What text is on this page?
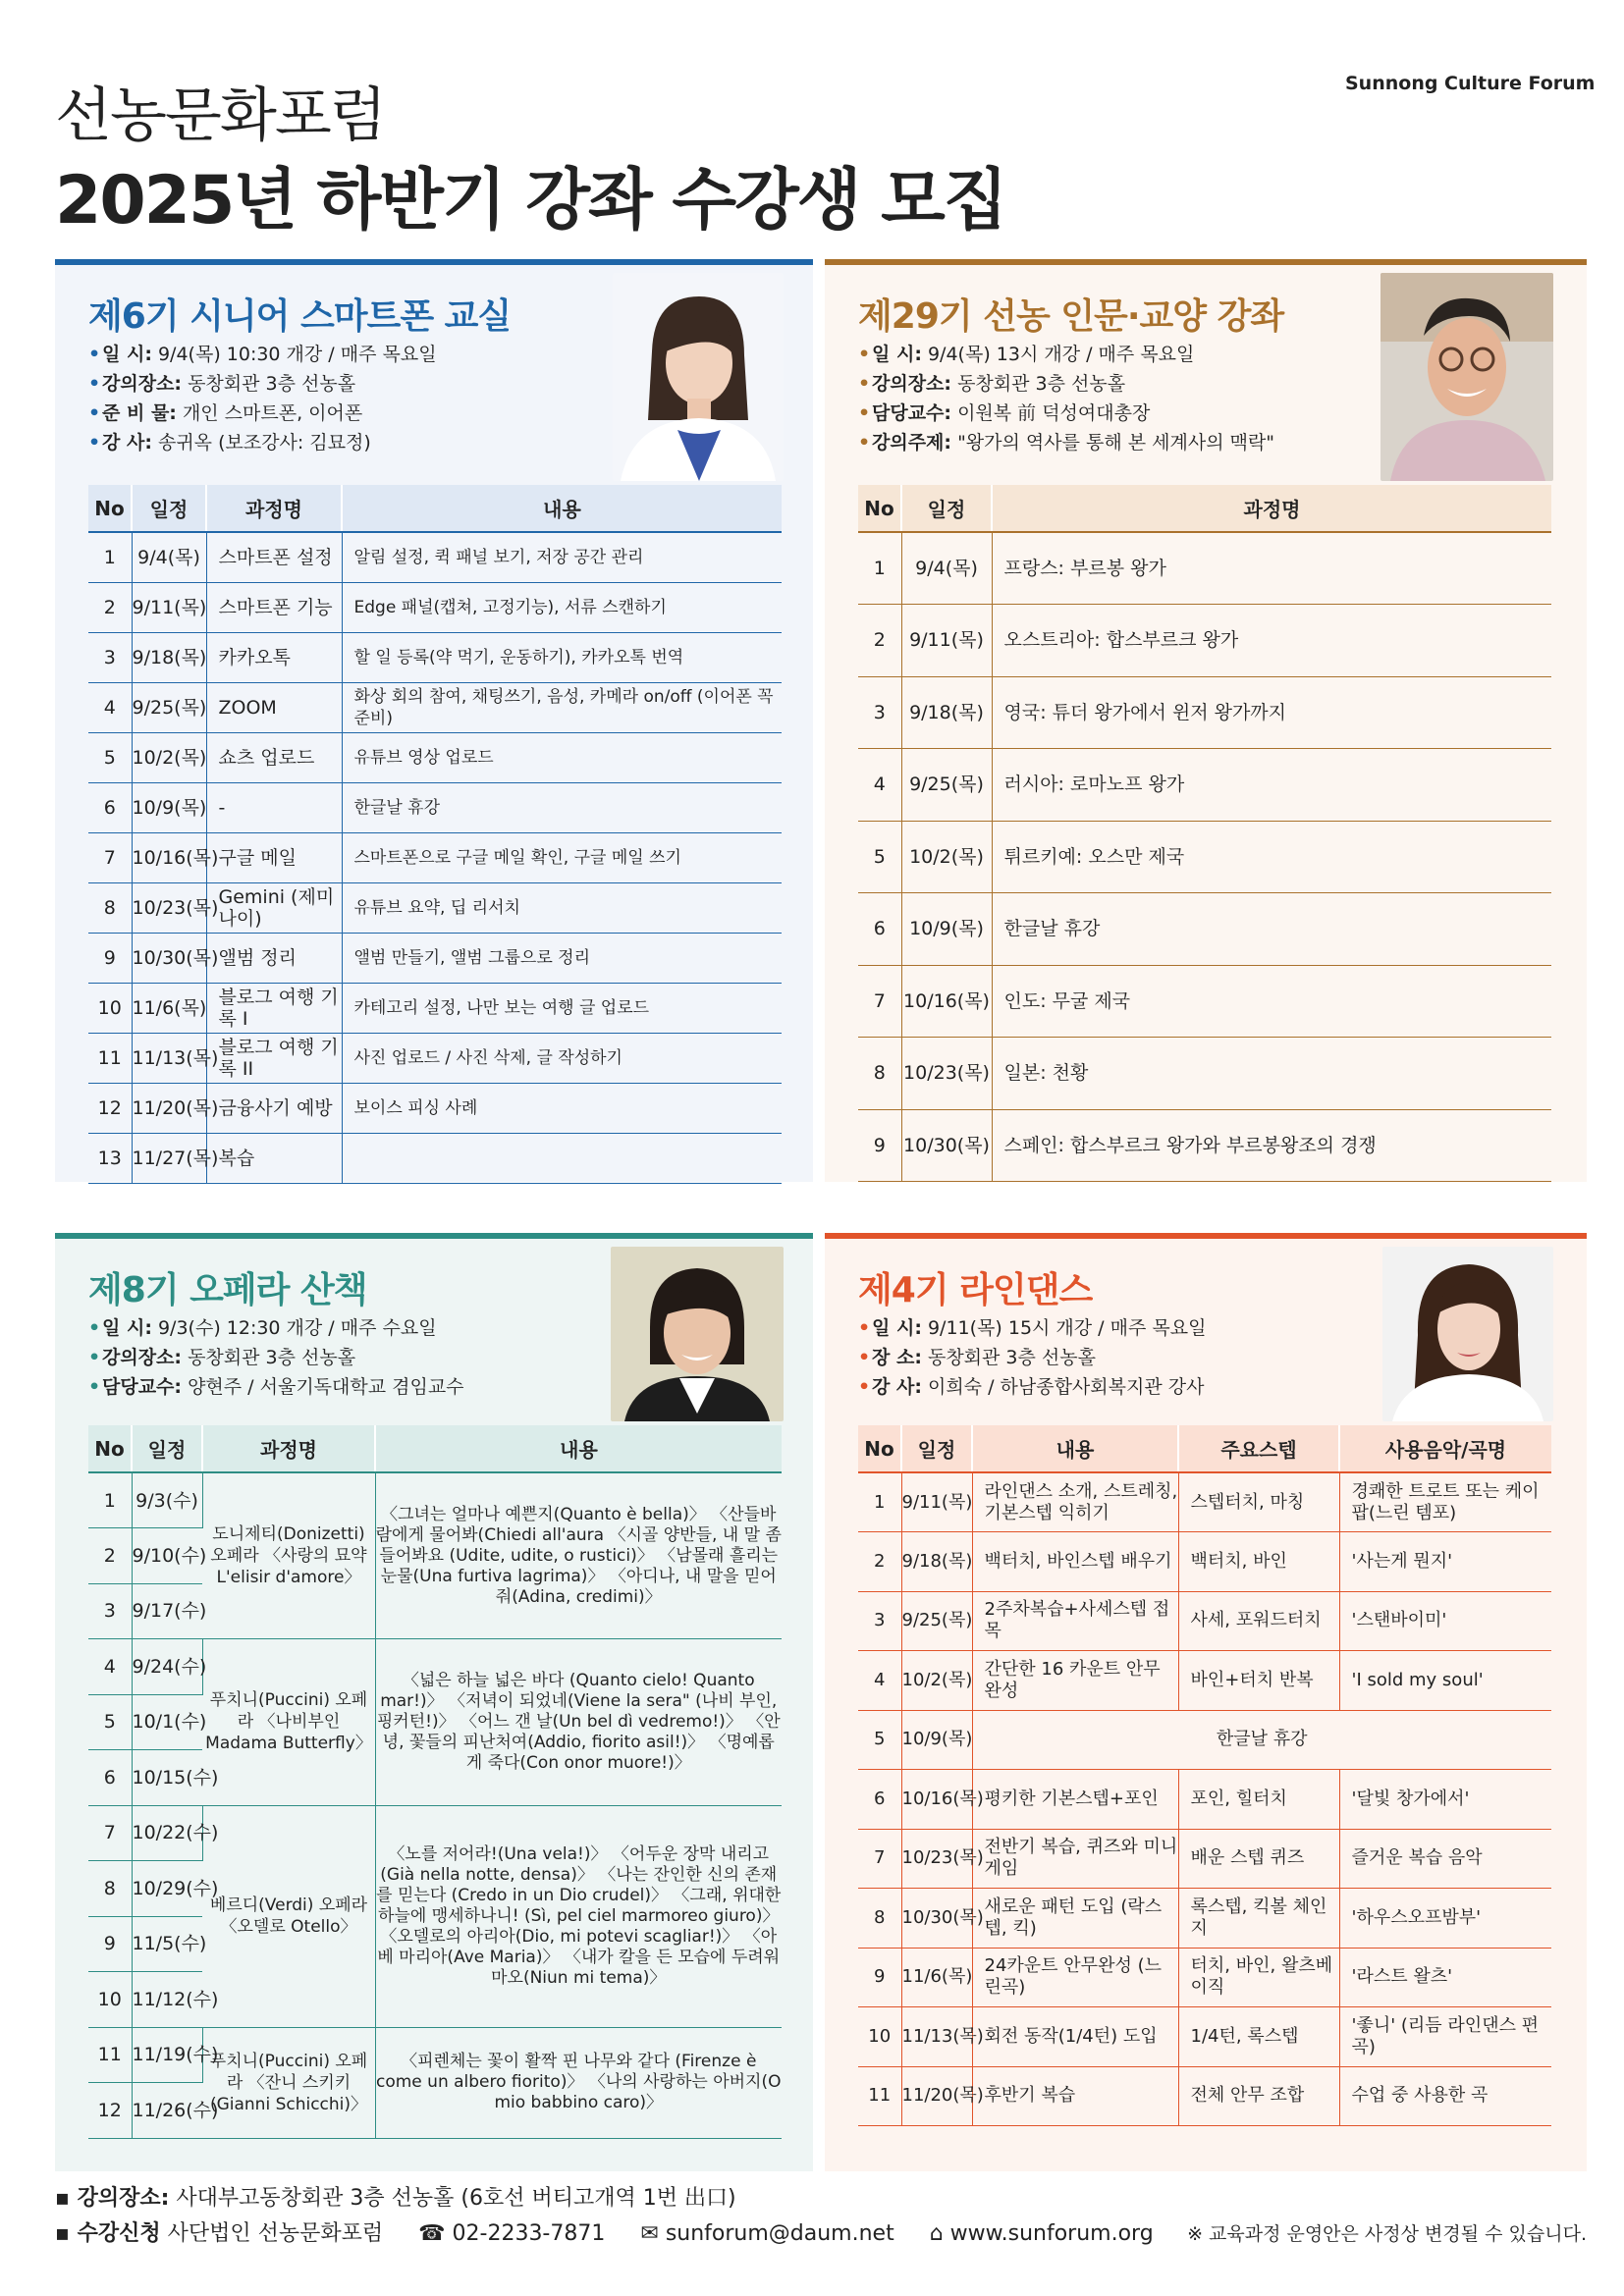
Sunnong Culture Forum
선농문화포럼
2025년 하반기 강좌 수강생 모집
제6기 시니어 스마트폰 교실
•일 시: 9/4(목) 10:30 개강 / 매주 목요일
•강의장소: 동창회관 3층 선농홀
•준 비 물: 개인 스마트폰, 이어폰
•강 사: 송귀옥 (보조강사: 김묘정)
No	일정	과정명	내용
1	9/4(목)	스마트폰 설정	알림 설정, 퀵 패널 보기, 저장 공간 관리
2	9/11(목)	스마트폰 기능	Edge 패널(캡쳐, 고정기능), 서류 스캔하기
3	9/18(목)	카카오톡	할 일 등록(약 먹기, 운동하기), 카카오톡 번역
4	9/25(목)	ZOOM	화상 회의 참여, 채팅쓰기, 음성, 카메라 on/off (이어폰 꼭 준비)
5	10/2(목)	쇼츠 업로드	유튜브 영상 업로드
6	10/9(목)	-	한글날 휴강
7	10/16(목)	구글 메일	스마트폰으로 구글 메일 확인, 구글 메일 쓰기
8	10/23(목)	Gemini (제미나이)	유튜브 요약, 딥 리서치
9	10/30(목)	앨범 정리	앨범 만들기, 앨범 그룹으로 정리
10	11/6(목)	블로그 여행 기록 I	카테고리 설정, 나만 보는 여행 글 업로드
11	11/13(목)	블로그 여행 기록 II	사진 업로드 / 사진 삭제, 글 작성하기
12	11/20(목)	금융사기 예방	보이스 피싱 사례
13	11/27(목)	복습	
제29기 선농 인문·교양 강좌
•일 시: 9/4(목) 13시 개강 / 매주 목요일
•강의장소: 동창회관 3층 선농홀
•담당교수: 이원복 前 덕성여대총장
•강의주제: "왕가의 역사를 통해 본 세계사의 맥락"
No	일정	과정명
1	9/4(목)	프랑스: 부르봉 왕가
2	9/11(목)	오스트리아: 합스부르크 왕가
3	9/18(목)	영국: 튜더 왕가에서 윈저 왕가까지
4	9/25(목)	러시아: 로마노프 왕가
5	10/2(목)	튀르키예: 오스만 제국
6	10/9(목)	한글날 휴강
7	10/16(목)	인도: 무굴 제국
8	10/23(목)	일본: 천황
9	10/30(목)	스페인: 합스부르크 왕가와 부르봉왕조의 경쟁
제8기 오페라 산책
•일 시: 9/3(수) 12:30 개강 / 매주 수요일
•강의장소: 동창회관 3층 선농홀
•담당교수: 양현주 / 서울기독대학교 겸임교수
No	일정	과정명	내용
1	9/3(수)	도니제티(Donizetti) 오페라 〈사랑의 묘약 L'elisir d'amore〉	〈그녀는 얼마나 예쁜지(Quanto è bella)〉 〈산들바람에게 물어봐(Chiedi all'aura 〈시골 양반들, 내 말 좀 들어봐요 (Udite, udite, o rustici)〉 〈남몰래 흘리는 눈물(Una furtiva lagrima)〉 〈아디나, 내 말을 믿어줘(Adina, credimi)〉
2	9/10(수)		
3	9/17(수)		
4	9/24(수)	푸치니(Puccini) 오페라 〈나비부인 Madama Butterfly〉	〈넓은 하늘 넓은 바다 (Quanto cielo! Quanto mar!)〉 〈저녁이 되었네(Viene la sera" (나비 부인, 핑커턴!)〉 〈어느 갠 날(Un bel dì vedremo!)〉 〈안녕, 꽃들의 피난처여(Addio, fiorito asil!)〉 〈명예롭게 죽다(Con onor muore!)〉
5	10/1(수)		
6	10/15(수)		
7	10/22(수)	베르디(Verdi) 오페라 〈오델로 Otello〉	〈노를 저어라!(Una vela!)〉 〈어두운 장막 내리고(Già nella notte, densa)〉 〈나는 잔인한 신의 존재를 믿는다 (Credo in un Dio crudel)〉 〈그래, 위대한 하늘에 맹세하나니! (Sì, pel ciel marmoreo giuro)〉 〈오델로의 아리아(Dio, mi potevi scagliar!)〉 〈아베 마리아(Ave Maria)〉 〈내가 칼을 든 모습에 두려워 마오(Niun mi tema)〉
8	10/29(수)		
9	11/5(수)		
10	11/12(수)		
11	11/19(수)	푸치니(Puccini) 오페라 〈잔니 스키키 (Gianni Schicchi)〉	〈피렌체는 꽃이 활짝 핀 나무와 같다 (Firenze è come un albero fiorito)〉 〈나의 사랑하는 아버지(O mio babbino caro)〉
12	11/26(수)		
제4기 라인댄스
•일 시: 9/11(목) 15시 개강 / 매주 목요일
•장 소: 동창회관 3층 선농홀
•강 사: 이희숙 / 하남종합사회복지관 강사
No	일정	내용	주요스텝	사용음악/곡명
1	9/11(목)	라인댄스 소개, 스트레칭, 기본스텝 익히기	스텝터치, 마칭	경쾌한 트로트 또는 케이팝(느린 템포)
2	9/18(목)	백터치, 바인스텝 배우기	백터치, 바인	'사는게 뭔지'
3	9/25(목)	2주차복습+사세스텝 접목	사세, 포워드터치	'스탠바이미'
4	10/2(목)	간단한 16 카운트 안무 완성	바인+터치 반복	'I sold my soul'
5	10/9(목)	한글날 휴강		
6	10/16(목)	평키한 기본스텝+포인	포인, 힐터치	'달빛 창가에서'
7	10/23(목)	전반기 복습, 퀴즈와 미니게임	배운 스텝 퀴즈	즐거운 복습 음악
8	10/30(목)	새로운 패턴 도입 (락스텝, 킥)	록스텝, 킥볼 체인지	'하우스오프밤부'
9	11/6(목)	24카운트 안무완성 (느린곡)	터치, 바인, 왈츠베이직	'라스트 왈츠'
10	11/13(목)	회전 동작(1/4턴) 도입	1/4턴, 록스텝	'좋니' (리듬 라인댄스 편곡)
11	11/20(목)	후반기 복습	전체 안무 조합	수업 중 사용한 곡
▪ 강의장소: 사대부고동창회관 3층 선농홀 (6호선 버티고개역 1번 出口)
▪ 수강신청 사단법인 선농문화포럼 ☎ 02-2233-7871 ✉ sunforum@daum.net ⌂ www.sunforum.org ※ 교육과정 운영안은 사정상 변경될 수 있습니다.
